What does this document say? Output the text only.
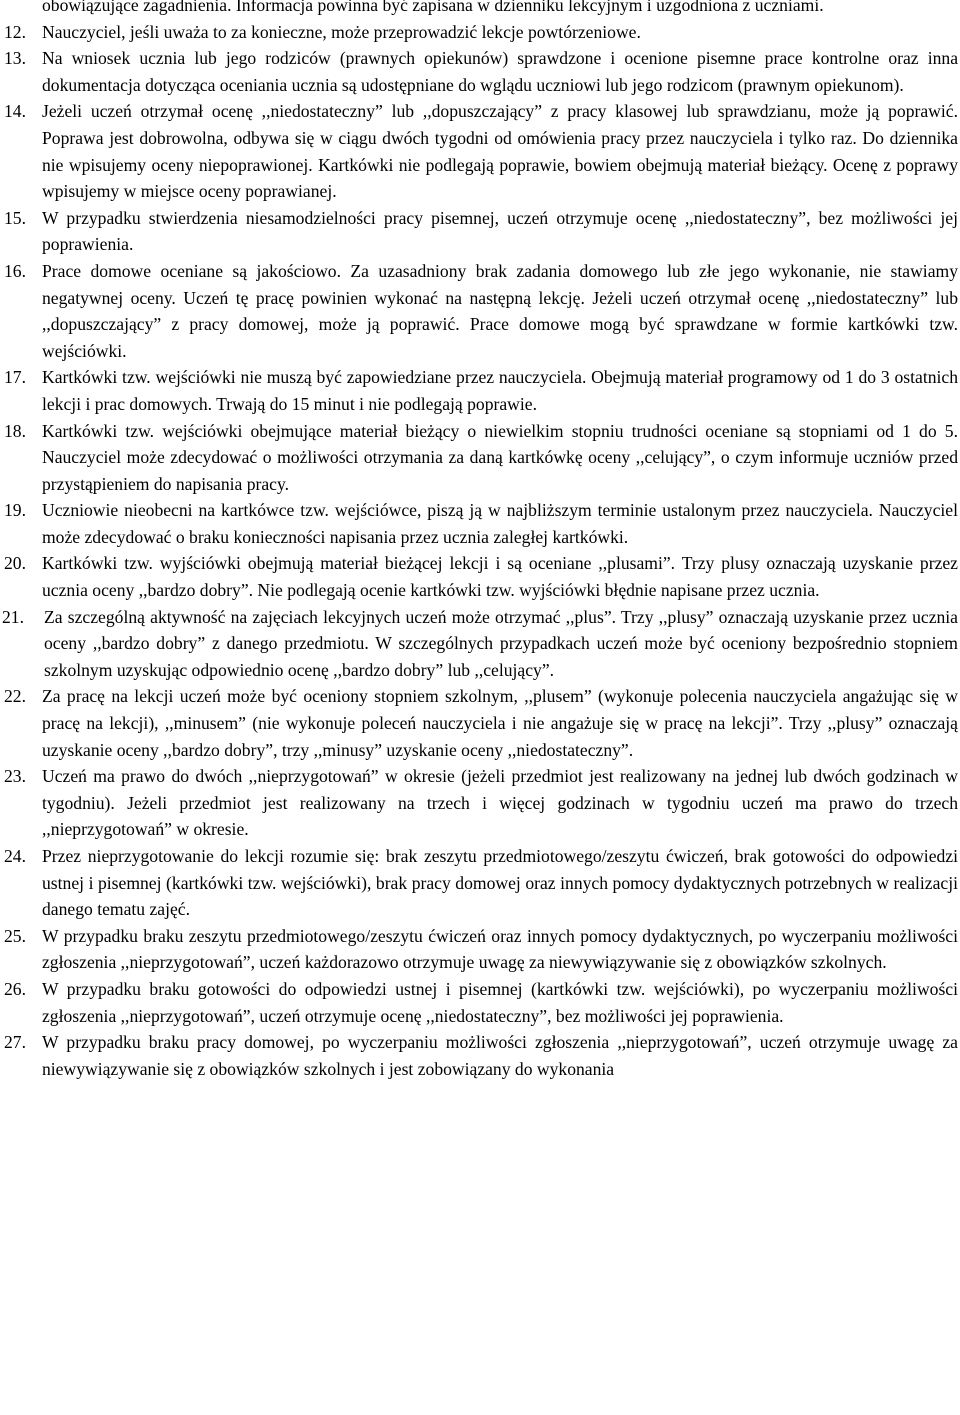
obowiązujące zagadnienia. Informacja powinna być zapisana w dzienniku lekcyjnym i uzgodniona z uczniami.
12. Nauczyciel, jeśli uważa to za konieczne, może przeprowadzić lekcje powtórzeniowe.
13. Na wniosek ucznia lub jego rodziców (prawnych opiekunów) sprawdzone i ocenione pisemne prace kontrolne oraz inna dokumentacja dotycząca oceniania ucznia są udostępniane do wglądu uczniowi lub jego rodzicom (prawnym opiekunom).
14. Jeżeli uczeń otrzymał ocenę ,,niedostateczny” lub ,,dopuszczający” z pracy klasowej lub sprawdzianu, może ją poprawić. Poprawa jest dobrowolna, odbywa się w ciągu dwóch tygodni od omówienia pracy przez nauczyciela i tylko raz. Do dziennika nie wpisujemy oceny niepoprawionej. Kartkówki nie podlegają poprawie, bowiem obejmują materiał bieżący. Ocenę z poprawy wpisujemy w miejsce oceny poprawianej.
15. W przypadku stwierdzenia niesamodzielności pracy pisemnej, uczeń otrzymuje ocenę ,,niedostateczny”, bez możliwości jej poprawienia.
16. Prace domowe oceniane są jakościowo. Za uzasadniony brak zadania domowego lub złe jego wykonanie, nie stawiamy negatywnej oceny. Uczeń tę pracę powinien wykonać na następną lekcję. Jeżeli uczeń otrzymał ocenę ,,niedostateczny” lub ,,dopuszczający” z pracy domowej, może ją poprawić. Prace domowe mogą być sprawdzane w formie kartkówki tzw. wejściówki.
17. Kartkówki tzw. wejściówki nie muszą być zapowiedziane przez nauczyciela. Obejmują materiał programowy od 1 do 3 ostatnich lekcji i prac domowych. Trwają do 15 minut i nie podlegają poprawie.
18. Kartkówki tzw. wejściówki obejmujące materiał bieżący o niewielkim stopniu trudności oceniane są stopniami od 1 do 5. Nauczyciel może zdecydować o możliwości otrzymania za daną kartkówkę oceny ,,celujący”, o czym informuje uczniów przed przystąpieniem do napisania pracy.
19. Uczniowie nieobecni na kartkówce tzw. wejściówce, piszą ją w najbliższym terminie ustalonym przez nauczyciela. Nauczyciel może zdecydować o braku konieczności napisania przez ucznia zaległej kartkówki.
20. Kartkówki tzw. wyjściówki obejmują materiał bieżącej lekcji i są oceniane ,,plusami”. Trzy plusy oznaczają uzyskanie przez ucznia oceny ,,bardzo dobry”. Nie podlegają ocenie kartkówki tzw. wyjściówki błędnie napisane przez ucznia.
21. Za szczególną aktywność na zajęciach lekcyjnych uczeń może otrzymać ,,plus”. Trzy ,,plusy” oznaczają uzyskanie przez ucznia oceny ,,bardzo dobry” z danego przedmiotu. W szczególnych przypadkach uczeń może być oceniony bezpośrednio stopniem szkolnym uzyskując odpowiednio ocenę ,,bardzo dobry” lub ,,celujący”.
22. Za pracę na lekcji uczeń może być oceniony stopniem szkolnym, ,,plusem” (wykonuje polecenia nauczyciela angażując się w pracę na lekcji), ,,minusem” (nie wykonuje poleceń nauczyciela i nie angażuje się w pracę na lekcji”. Trzy ,,plusy” oznaczają uzyskanie oceny ,,bardzo dobry”, trzy ,,minusy” uzyskanie oceny ,,niedostateczny”.
23. Uczeń ma prawo do dwóch ,,nieprzygotowań” w okresie (jeżeli przedmiot jest realizowany na jednej lub dwóch godzinach w tygodniu). Jeżeli przedmiot jest realizowany na trzech i więcej godzinach w tygodniu uczeń ma prawo do trzech ,,nieprzygotowań” w okresie.
24. Przez nieprzygotowanie do lekcji rozumie się: brak zeszytu przedmiotowego/zeszytu ćwiczeń, brak gotowości do odpowiedzi ustnej i pisemnej (kartkówki tzw. wejściówki), brak pracy domowej oraz innych pomocy dydaktycznych potrzebnych w realizacji danego tematu zajęć.
25. W przypadku braku zeszytu przedmiotowego/zeszytu ćwiczeń oraz innych pomocy dydaktycznych, po wyczerpaniu możliwości zgłoszenia ,,nieprzygotowań”, uczeń każdorazowo otrzymuje uwagę za niewywiązywanie się z obowiązków szkolnych.
26. W przypadku braku gotowości do odpowiedzi ustnej i pisemnej (kartkówki tzw. wejściówki), po wyczerpaniu możliwości zgłoszenia ,,nieprzygotowań”, uczeń otrzymuje ocenę ,,niedostateczny”, bez możliwości jej poprawienia.
27. W przypadku braku pracy domowej, po wyczerpaniu możliwości zgłoszenia ,,nieprzygotowań”, uczeń otrzymuje uwagę za niewywiązywanie się z obowiązków szkolnych i jest zobowiązany do wykonania
